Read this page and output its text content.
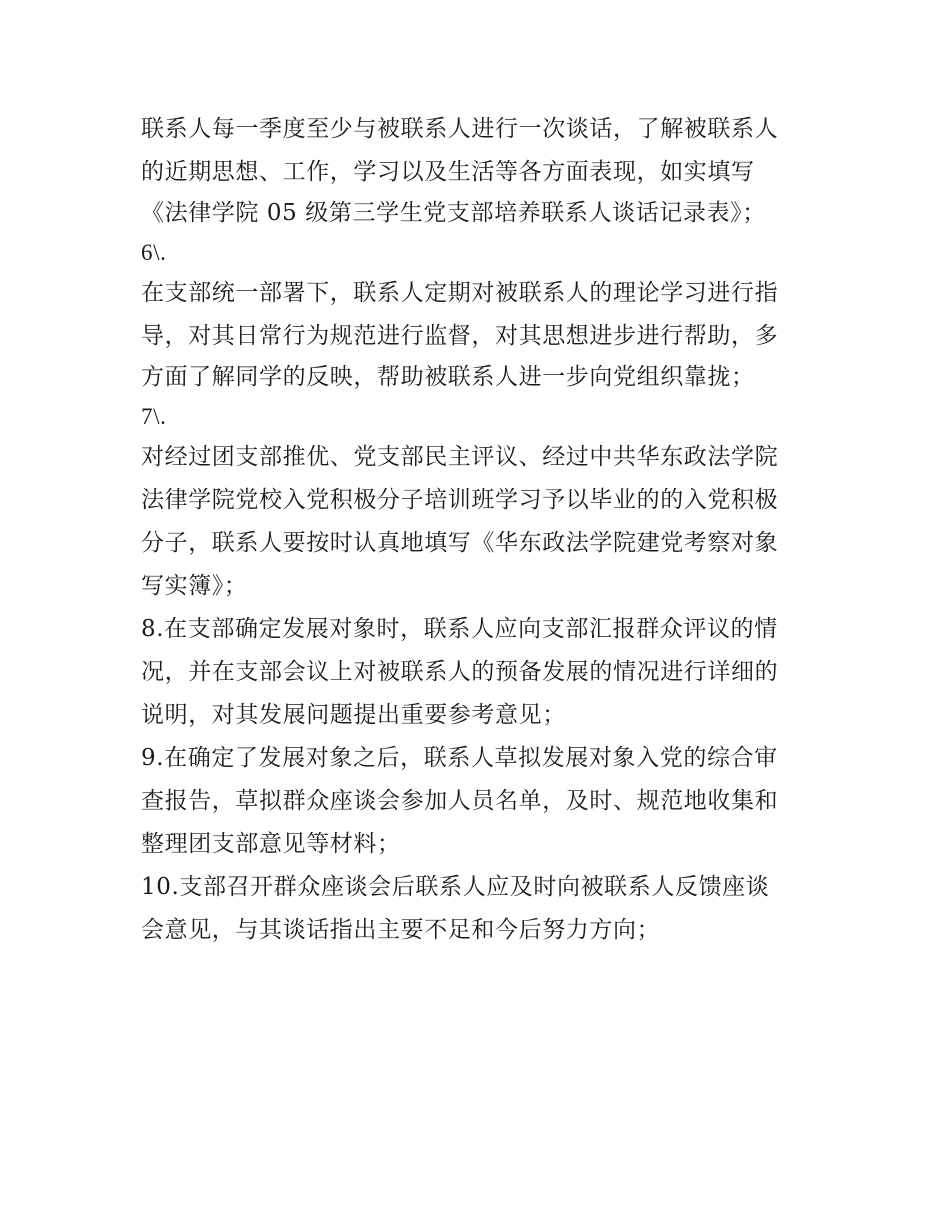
联系人每一季度至少与被联系人进行一次谈话，了解被联系人
的近期思想、工作，学习以及生活等各方面表现，如实填写
《法律学院 05 级第三学生党支部培养联系人谈话记录表》；
6\.
在支部统一部署下，联系人定期对被联系人的理论学习进行指
导，对其日常行为规范进行监督，对其思想进步进行帮助，多
方面了解同学的反映，帮助被联系人进一步向党组织靠拢；
7\.
对经过团支部推优、党支部民主评议、经过中共华东政法学院
法律学院党校入党积极分子培训班学习予以毕业的的入党积极
分子，联系人要按时认真地填写《华东政法学院建党考察对象
写实簿》；
8.在支部确定发展对象时，联系人应向支部汇报群众评议的情
况，并在支部会议上对被联系人的预备发展的情况进行详细的
说明，对其发展问题提出重要参考意见；
9.在确定了发展对象之后，联系人草拟发展对象入党的综合审
查报告，草拟群众座谈会参加人员名单，及时、规范地收集和
整理团支部意见等材料；
10.支部召开群众座谈会后联系人应及时向被联系人反馈座谈
会意见，与其谈话指出主要不足和今后努力方向；
